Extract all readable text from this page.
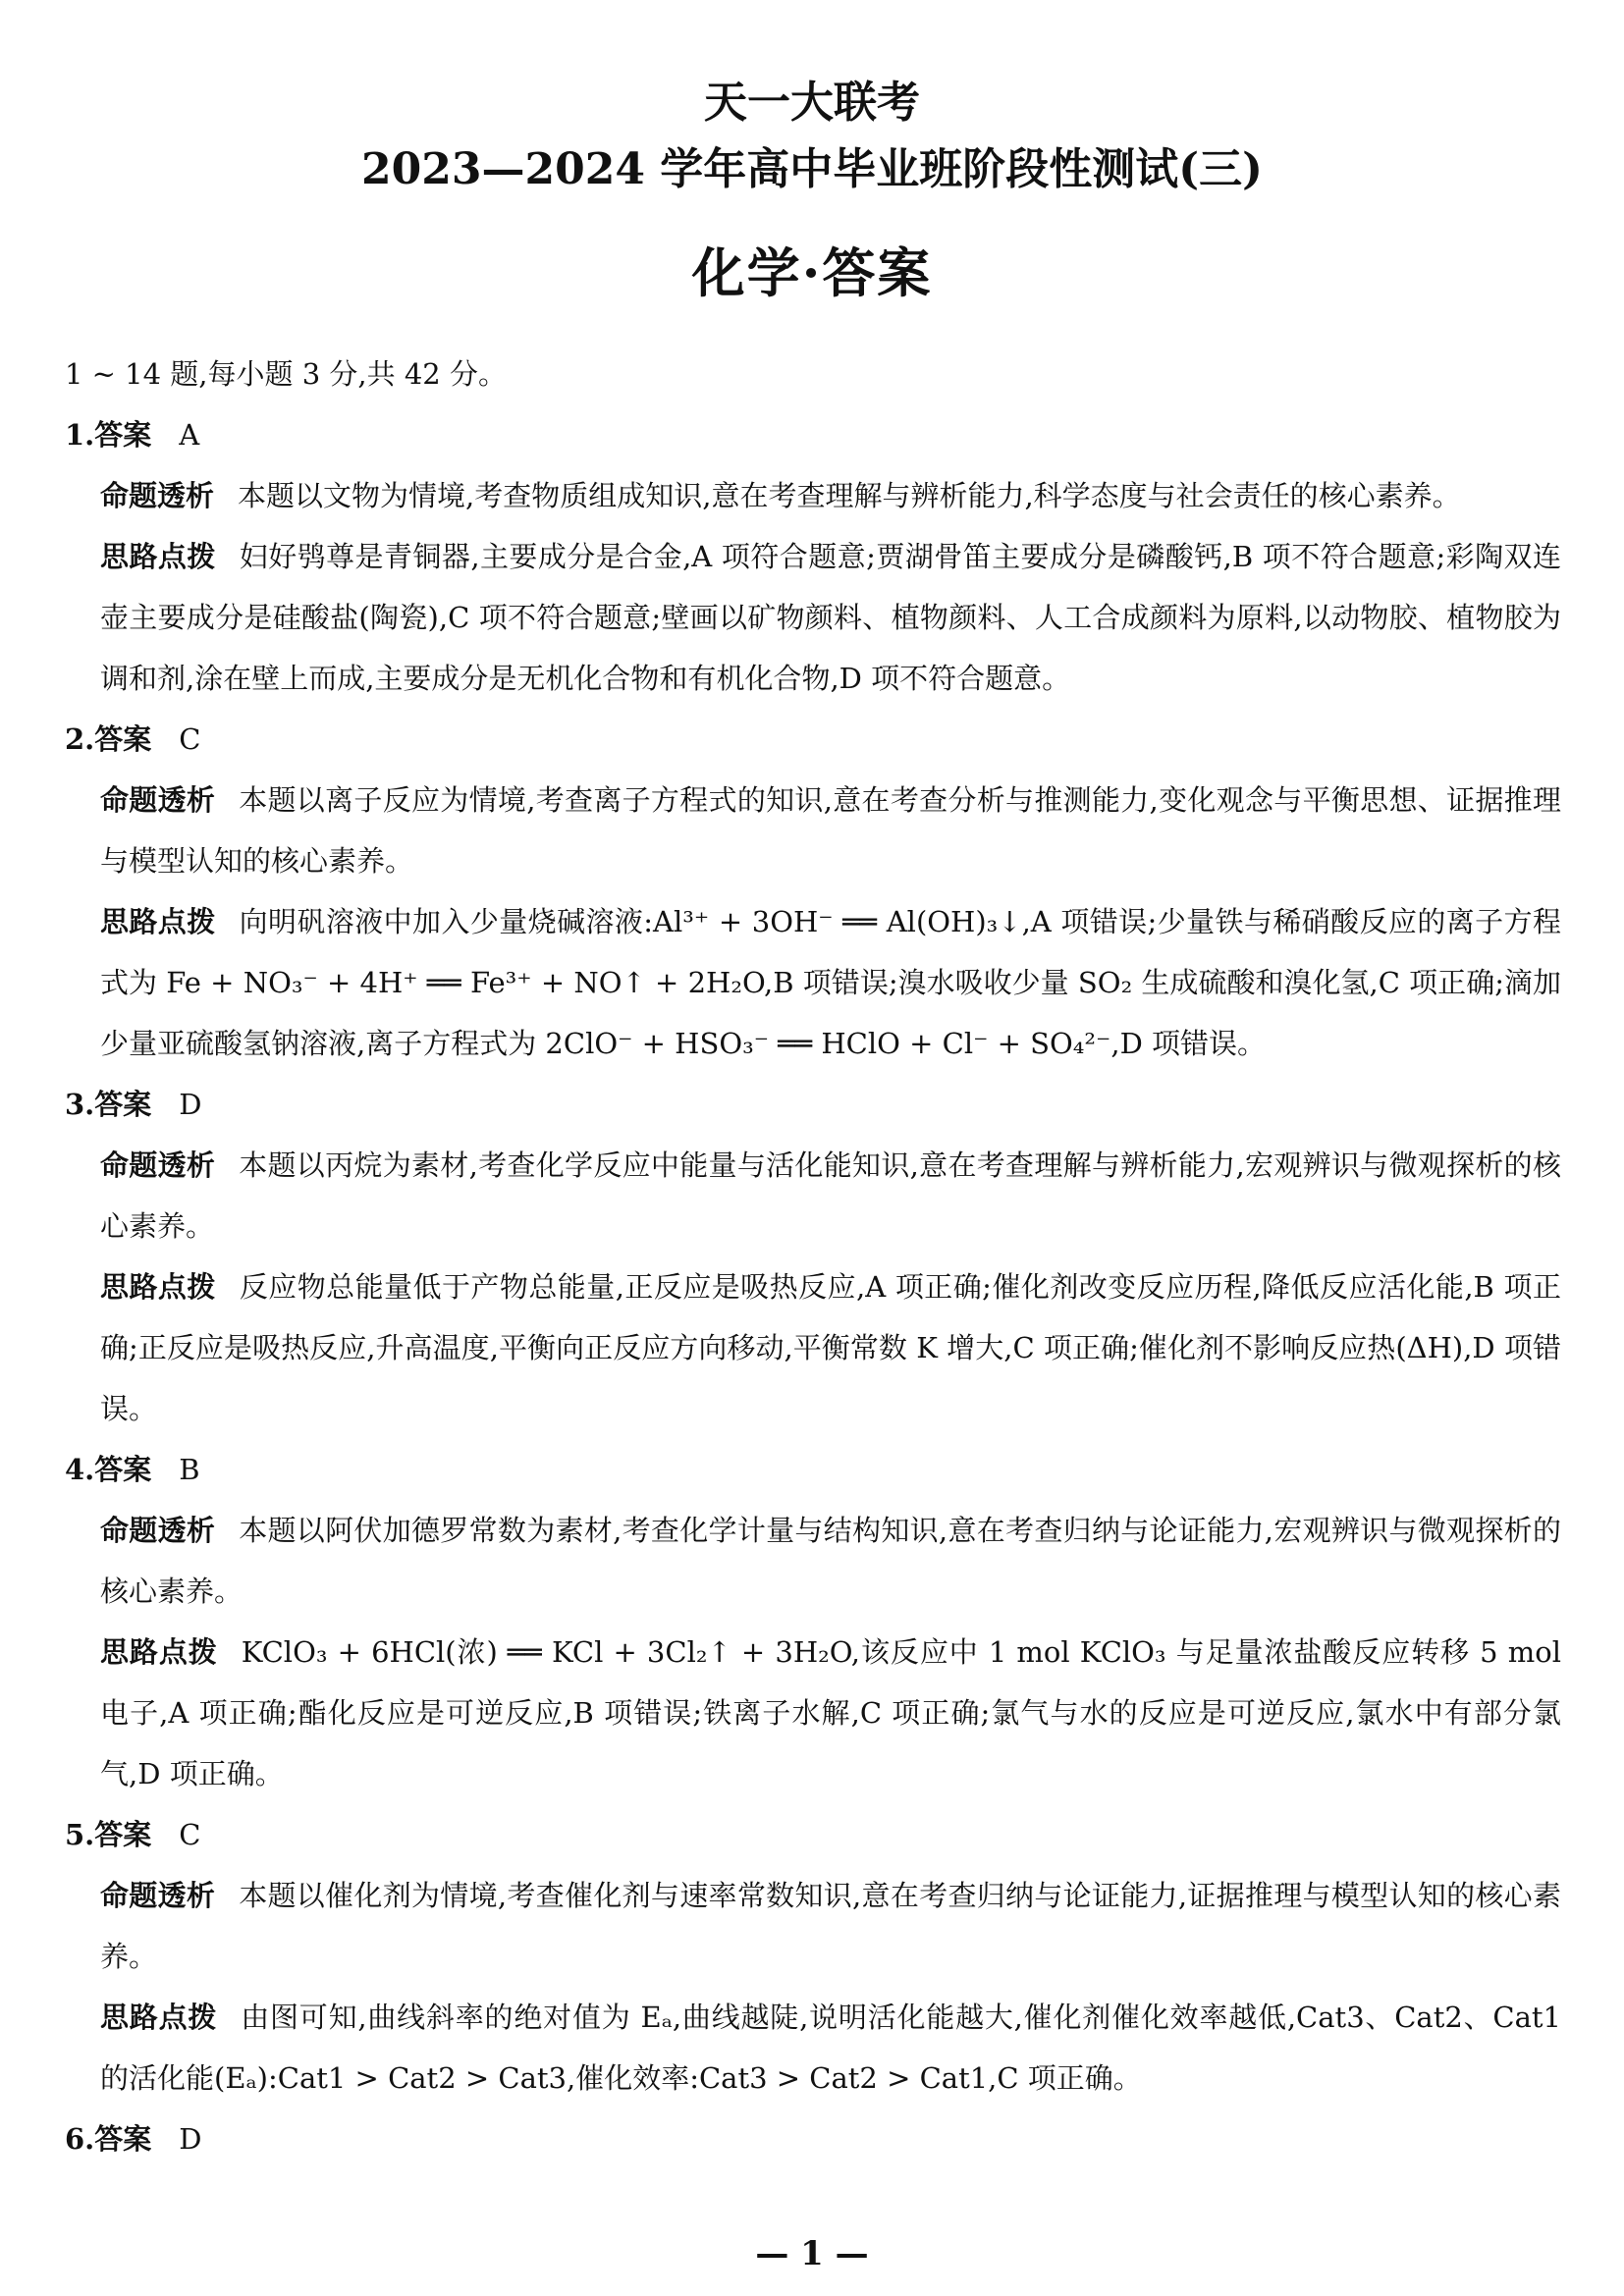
天一大联考
2023—2024 学年高中毕业班阶段性测试(三)
化学·答案

1 ~ 14 题,每小题 3 分,共 42 分。

1.答案 A

命题透析 本题以文物为情境,考查物质组成知识,意在考查理解与辨析能力,科学态度与社会责任的核心素养。

思路点拨 妇好鸮尊是青铜器,主要成分是合金,A 项符合题意;贾湖骨笛主要成分是磷酸钙,B 项不符合题意;彩陶双连壶主要成分是硅酸盐(陶瓷),C 项不符合题意;壁画以矿物颜料、植物颜料、人工合成颜料为原料,以动物胶、植物胶为调和剂,涂在壁上而成,主要成分是无机化合物和有机化合物,D 项不符合题意。

2.答案 C

命题透析 本题以离子反应为情境,考查离子方程式的知识,意在考查分析与推测能力,变化观念与平衡思想、证据推理与模型认知的核心素养。

思路点拨 向明矾溶液中加入少量烧碱溶液:Al³⁺ + 3OH⁻ ══ Al(OH)₃↓,A 项错误;少量铁与稀硝酸反应的离子方程式为 Fe + NO₃⁻ + 4H⁺ ══ Fe³⁺ + NO↑ + 2H₂O,B 项错误;溴水吸收少量 SO₂ 生成硫酸和溴化氢,C 项正确;滴加少量亚硫酸氢钠溶液,离子方程式为 2ClO⁻ + HSO₃⁻ ══ HClO + Cl⁻ + SO₄²⁻,D 项错误。

3.答案 D

命题透析 本题以丙烷为素材,考查化学反应中能量与活化能知识,意在考查理解与辨析能力,宏观辨识与微观探析的核心素养。

思路点拨 反应物总能量低于产物总能量,正反应是吸热反应,A 项正确;催化剂改变反应历程,降低反应活化能,B 项正确;正反应是吸热反应,升高温度,平衡向正反应方向移动,平衡常数 K 增大,C 项正确;催化剂不影响反应热(ΔH),D 项错误。

4.答案 B

命题透析 本题以阿伏加德罗常数为素材,考查化学计量与结构知识,意在考查归纳与论证能力,宏观辨识与微观探析的核心素养。

思路点拨 KClO₃ + 6HCl(浓) ══ KCl + 3Cl₂↑ + 3H₂O,该反应中 1 mol KClO₃ 与足量浓盐酸反应转移 5 mol 电子,A 项正确;酯化反应是可逆反应,B 项错误;铁离子水解,C 项正确;氯气与水的反应是可逆反应,氯水中有部分氯气,D 项正确。

5.答案 C

命题透析 本题以催化剂为情境,考查催化剂与速率常数知识,意在考查归纳与论证能力,证据推理与模型认知的核心素养。

思路点拨 由图可知,曲线斜率的绝对值为 Eₐ,曲线越陡,说明活化能越大,催化剂催化效率越低,Cat3、Cat2、Cat1 的活化能(Eₐ):Cat1 > Cat2 > Cat3,催化效率:Cat3 > Cat2 > Cat1,C 项正确。

6.答案 D

— 1 —
